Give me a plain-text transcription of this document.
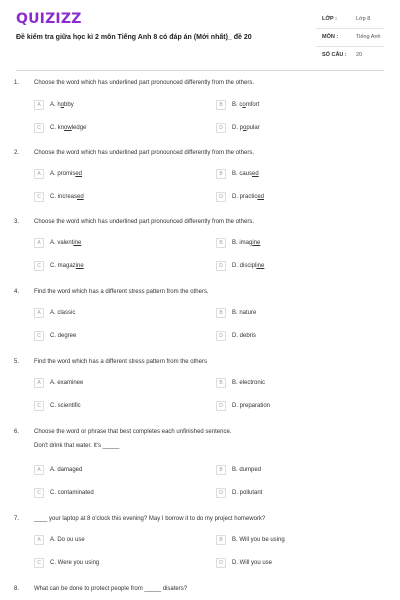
QUIZIZZ
Đề kiểm tra giữa học kì 2 môn Tiếng Anh 8 có đáp án (Mới nhất)_ đề 20
LỚP :	Lớp 8
MÔN :	Tiếng Anh
SỐ CÂU : 20
1. Choose the word which has underlined part pronounced differently from the others.
A	A. hobby	B	B. comfort
C	C. knowledge	D	D. popular
2. Choose the word which has underlined part pronounced differently from the others.
A	A. promised	B	B. caused
C	C. increased	D	D. practiced
3. Choose the word which has underlined part pronounced differently from the others.
A	A. valentine	B	B. imagine
C	C. magazine	D	D. discipline
4. Find the word which has a different stress pattern from the others.
A	A. classic	B	B. nature
C	C. degree	D	D. debris
5. Find the word which has a different stress pattern from the others
A	A. examinee	B	B. electronic
C	C. scientific	D	D. preparation
6. Choose the word or phrase that best completes each unfinished sentence.
Don't drink that water. It's _____
A	A. damaged	B	B. dumped
C	C. contaminated	D	D. pollutant
7. ____ your laptop at 8 o'clock this evening? May I borrow it to do my project homework?
A	A. Do ou use	B	B. Will you be using
C	C. Were you using	D	D. Will you use
8. What can be done to protect people from _____ disaters?
